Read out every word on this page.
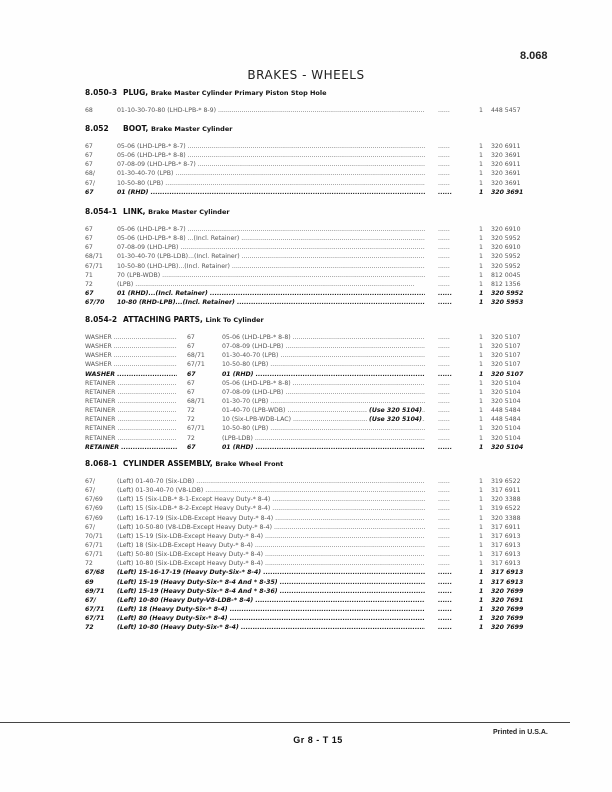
8.068
BRAKES - WHEELS
8.050-3 PLUG, Brake Master Cylinder Primary Piston Stop Hole
68	01-10-30-70-80 (LHD-LPB-* 8-9) .....	......	1 448 5457
8.052 BOOT, Brake Master Cylinder
67	05-06 (LHD-LPB-* 8-7) .....	......	1 320 6911
67	05-06 (LHD-LPB-* 8-8) .....	......	1 320 3691
67	07-08-09 (LHD-LPB-* 8-7) .....	......	1 320 6911
68/	01-30-40-70 (LPB) .....	......	1 320 3691
67/	10-50-80 (LPB) .....	......	1 320 3691
67	01 (RHD) .....	......	1 320 3691
8.054-1 LINK, Brake Master Cylinder
67	05-06 (LHD-LPB-* 8-7) .....	......	1 320 6910
67	05-06 (LHD-LPB-* 8-8) ...(Incl. Retainer) .....	......	1 320 5952
67	07-08-09 (LHD-LPB) .....	......	1 320 6910
68/71 01-30-40-70 (LPB-LDB)...(Incl. Retainer) .....	......	1 320 5952
67/71 10-50-80 (LHD-LPB)...(Incl. Retainer) .....	......	1 320 5952
71	70 (LPB-WDB) .....	......	1 812 0045
72	(LPB) .....	......	1 812 1356
67	01 (RHD)...(Incl. Retainer) .....	......	1 320 5952
67/70 10-80 (RHD-LPB)...(Incl. Retainer) .....	......	1 320 5953
8.054-2 ATTACHING PARTS, Link To Cylinder
WASHER .....	67	05-06 (LHD-LPB-* 8-8) .....	......	1 320 5107
WASHER .....	67	07-08-09 (LHD-LPB) .....	......	1 320 5107
WASHER .....	68/71	01-30-40-70 (LPB) .....	......	1 320 5107
WASHER .....	67/71	10-50-80 (LPB) .....	......	1 320 5107
WASHER .....	67	01 (RHD) .....	......	1 320 5107
RETAINER .....	67	05-06 (LHD-LPB-* 8-8) .....	......	1 320 5104
RETAINER .....	67	07-08-09 (LHD-LPB) .....	......	1 320 5104
RETAINER .....	68/71	01-30-70 (LPB) .....	......	1 320 5104
RETAINER .....	72	01-40-70 (LPB-WDB) .....	(Use 320 5104)	......	1 448 5484
RETAINER .....	72	10 (Six-LPB-WDB-LAC) .....	(Use 320 5104)	......	1 448 5484
RETAINER .....	67/71	10-50-80 (LPB) .....	......	1 320 5104
RETAINER .....	72	(LPB-LDB) .....	......	1 320 5104
RETAINER .....	67	01 (RHD) .....	......	1 320 5104
8.068-1 CYLINDER ASSEMBLY, Brake Wheel Front
67/	(Left) 01-40-70 (Six-LDB) .....	......	1 319 6522
67/	(Left) 01-30-40-70 (V8-LDB) .....	......	1 317 6911
67/69 (Left) 15 (Six-LDB-* 8-1-Except Heavy Duty-* 8-4) .....	......	1 320 3388
67/69 (Left) 15 (Six-LDB-* 8-2-Except Heavy Duty-* 8-4) .....	......	1 319 6522
67/69 (Left) 16-17-19 (Six-LDB-Except Heavy Duty-* 8-4) .....	......	1 320 3388
67/	(Left) 10-50-80 (V8-LDB-Except Heavy Duty-* 8-4) .....	......	1 317 6911
70/71 (Left) 15-19 (Six-LDB-Except Heavy Duty-* 8-4) .....	......	1 317 6913
67/71 (Left) 18 (Six-LDB-Except Heavy Duty-* 8-4) .....	......	1 317 6913
67/71 (Left) 50-80 (Six-LDB-Except Heavy Duty-* 8-4) .....	......	1 317 6913
72	(Left) 10-80 (Six-LDB-Except Heavy Duty-* 8-4) .....	......	1 317 6913
67/68 (Left) 15-16-17-19 (Heavy Duty-Six-* 8-4) .....	......	1 317 6913
69	(Left) 15-19 (Heavy Duty-Six-* 8-4 And * 8-35) .....	......	1 317 6913
69/71 (Left) 15-19 (Heavy Duty-Six-* 8-4 And * 8-36) .....	......	1 320 7699
67/	(Left) 10-80 (Heavy Duty-V8-LDB-* 8-4) .....	......	1 320 7691
67/71 (Left) 18 (Heavy Duty-Six-* 8-4) .....	......	1 320 7699
67/71 (Left) 80 (Heavy Duty-Six-* 8-4) .....	......	1 320 7699
72	(Left) 10-80 (Heavy Duty-Six-* 8-4) .....	......	1 320 7699
Printed in U.S.A.
Gr 8 - T 15
